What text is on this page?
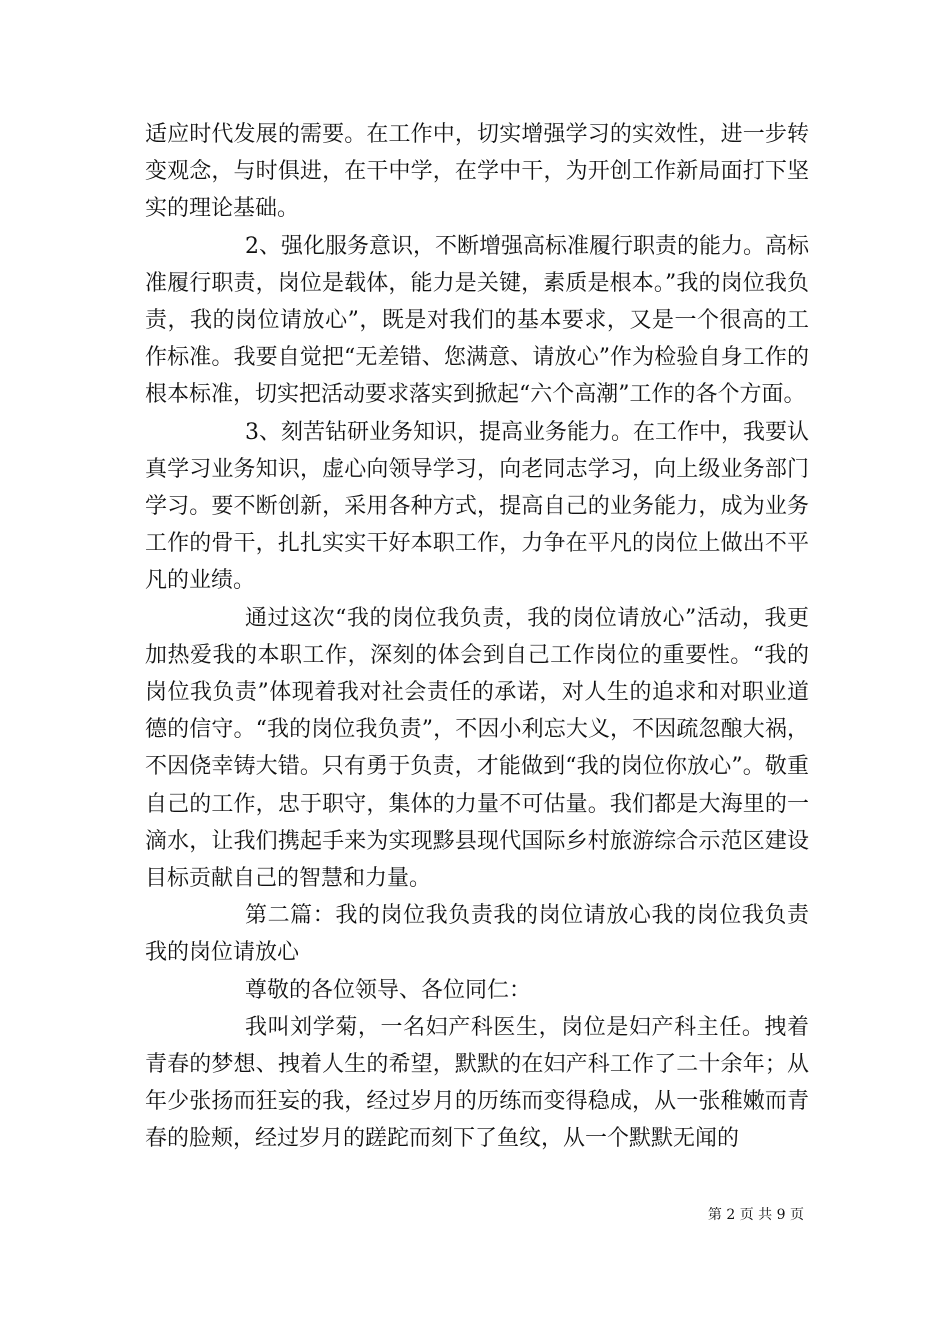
适应时代发展的需要。在工作中，切实增强学习的实效性，进一步转变观念，与时俱进，在干中学，在学中干，为开创工作新局面打下坚实的理论基础。

2、强化服务意识，不断增强高标准履行职责的能力。高标准履行职责，岗位是载体，能力是关键，素质是根本。”我的岗位我负责，我的岗位请放心”，既是对我们的基本要求，又是一个很高的工作标准。我要自觉把“无差错、您满意、请放心”作为检验自身工作的根本标准，切实把活动要求落实到掀起“六个高潮”工作的各个方面。

3、刻苦钻研业务知识，提高业务能力。在工作中，我要认真学习业务知识，虚心向领导学习，向老同志学习，向上级业务部门学习。要不断创新，采用各种方式，提高自己的业务能力，成为业务工作的骨干，扎扎实实干好本职工作，力争在平凡的岗位上做出不平凡的业绩。

通过这次“我的岗位我负责，我的岗位请放心”活动，我更加热爱我的本职工作，深刻的体会到自己工作岗位的重要性。“我的岗位我负责”体现着我对社会责任的承诺，对人生的追求和对职业道德的信守。“我的岗位我负责”，不因小利忘大义，不因疏忽酿大祸，不因侥幸铸大错。只有勇于负责，才能做到“我的岗位你放心”。敬重自己的工作，忠于职守，集体的力量不可估量。我们都是大海里的一滴水，让我们携起手来为实现黟县现代国际乡村旅游综合示范区建设目标贡献自己的智慧和力量。

第二篇：我的岗位我负责我的岗位请放心我的岗位我负责我的岗位请放心

尊敬的各位领导、各位同仁：

我叫刘学菊，一名妇产科医生，岗位是妇产科主任。拽着青春的梦想、拽着人生的希望，默默的在妇产科工作了二十余年；从年少张扬而狂妄的我，经过岁月的历练而变得稳成，从一张稚嫩而青春的脸颊，经过岁月的蹉跎而刻下了鱼纹，从一个默默无闻的

第 2 页 共 9 页
